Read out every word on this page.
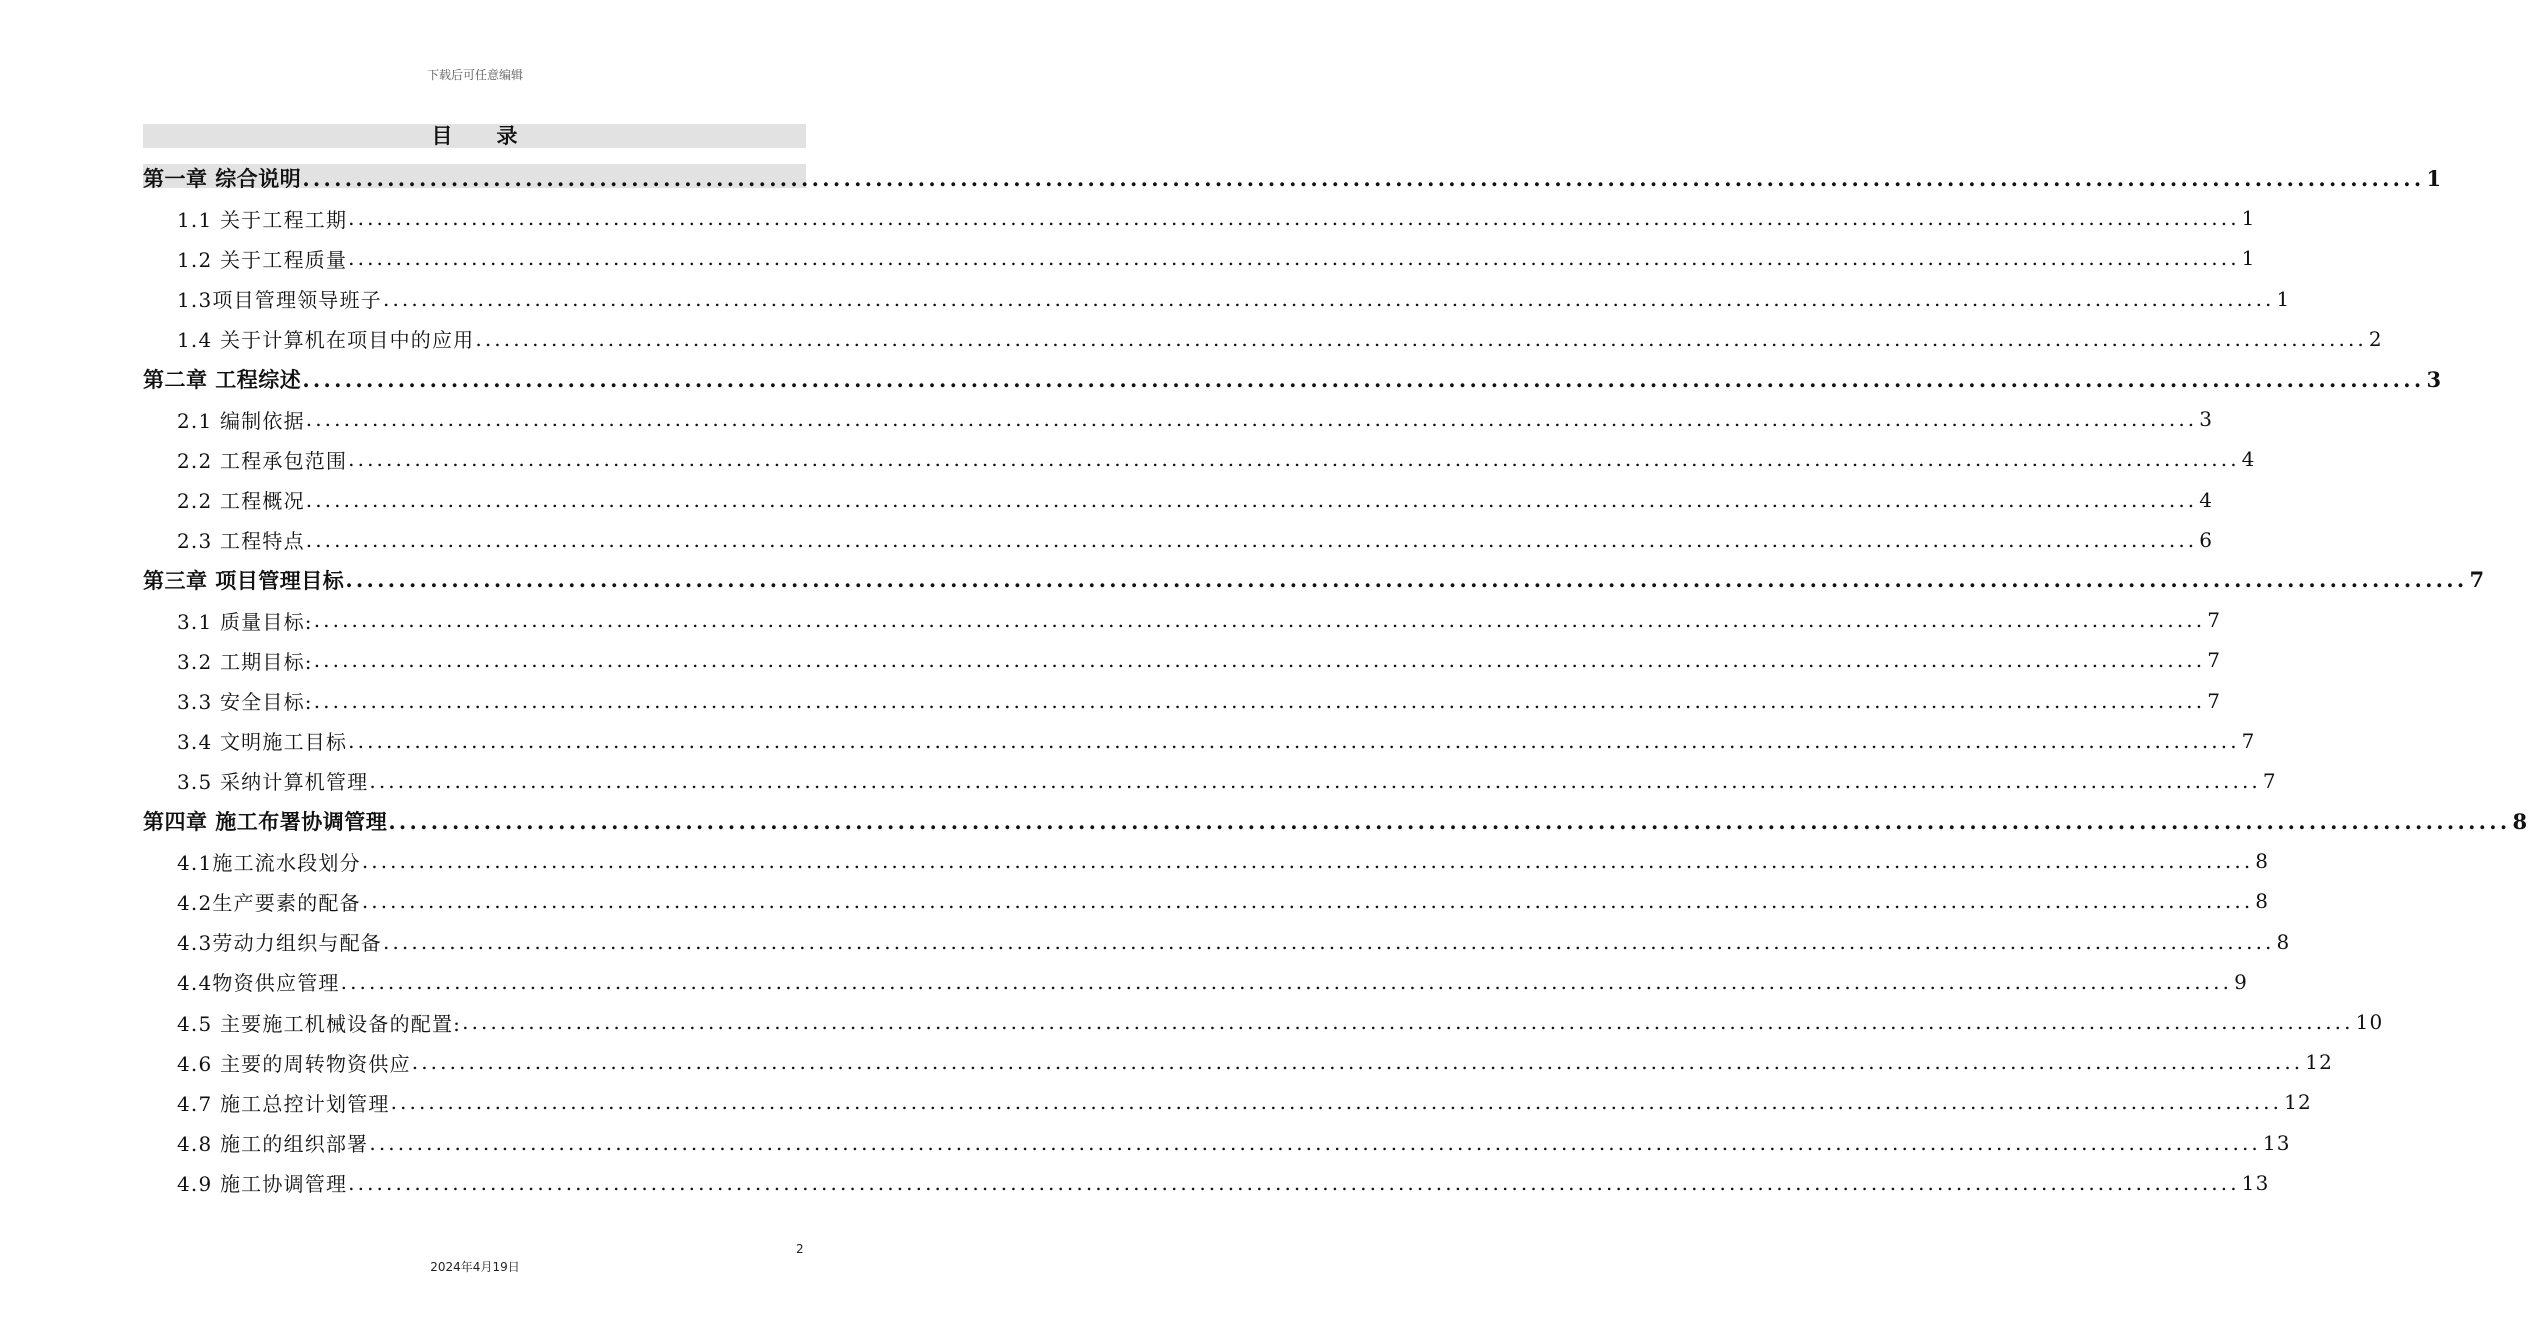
下载后可任意编辑
目录
第一章 综合说明 ........................................................................................................................................................................................................ 1
1.1 关于工程工期 ........................................................................................................................................................................................................ 1
1.2 关于工程质量 ........................................................................................................................................................................................................ 1
1.3项目管理领导班子 ........................................................................................................................................................................................................ 1
1.4 关于计算机在项目中的应用 ........................................................................................................................................................................................................ 2
第二章 工程综述 ........................................................................................................................................................................................................ 3
2.1 编制依据 ........................................................................................................................................................................................................ 3
2.2 工程承包范围 ........................................................................................................................................................................................................ 4
2.2 工程概况 ........................................................................................................................................................................................................ 4
2.3 工程特点 ........................................................................................................................................................................................................ 6
第三章 项目管理目标 ........................................................................................................................................................................................................ 7
3.1 质量目标: ........................................................................................................................................................................................................ 7
3.2 工期目标: ........................................................................................................................................................................................................ 7
3.3 安全目标: ........................................................................................................................................................................................................ 7
3.4 文明施工目标 ........................................................................................................................................................................................................ 7
3.5 采纳计算机管理 ........................................................................................................................................................................................................ 7
第四章 施工布署协调管理 ........................................................................................................................................................................................................ 8
4.1施工流水段划分 ........................................................................................................................................................................................................ 8
4.2生产要素的配备 ........................................................................................................................................................................................................ 8
4.3劳动力组织与配备 ........................................................................................................................................................................................................ 8
4.4物资供应管理 ........................................................................................................................................................................................................ 9
4.5 主要施工机械设备的配置: ........................................................................................................................................................................................................ 10
4.6 主要的周转物资供应 ........................................................................................................................................................................................................ 12
4.7 施工总控计划管理 ........................................................................................................................................................................................................ 12
4.8 施工的组织部署 ........................................................................................................................................................................................................ 13
4.9 施工协调管理 ........................................................................................................................................................................................................ 13
2
2024年4月19日
